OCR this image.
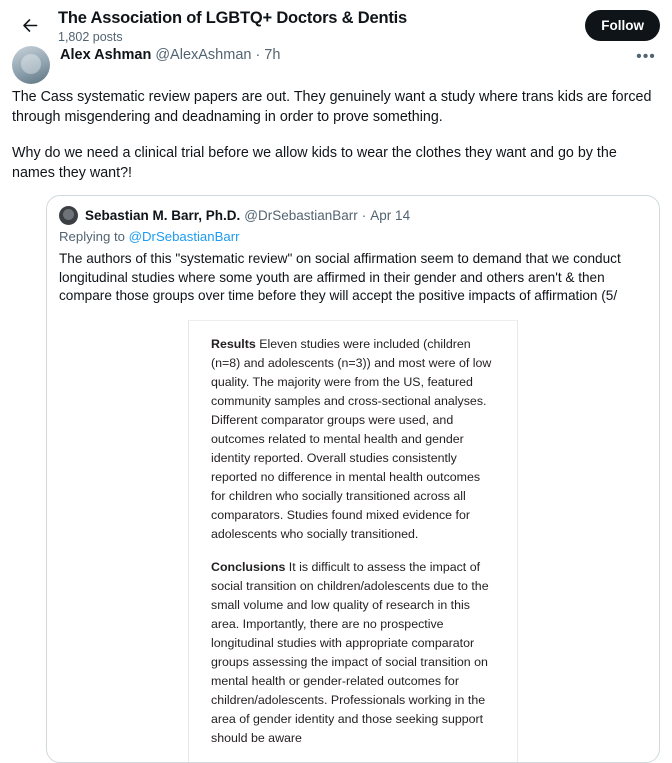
The Association of LGBTQ+ Doctors & Dentis
1,802 posts
Follow
Alex Ashman @AlexAshman · 7h	•••

The Cass systematic review papers are out. They genuinely want a study where trans kids are forced through misgendering and deadnaming in order to prove something.

Why do we need a clinical trial before we allow kids to wear the clothes they want and go by the names they want?!

Sebastian M. Barr, Ph.D. @DrSebastianBarr · Apr 14
Replying to @DrSebastianBarr
The authors of this "systematic review" on social affirmation seem to demand that we conduct longitudinal studies where some youth are affirmed in their gender and others aren't & then compare those groups over time before they will accept the positive impacts of affirmation (5/

Results Eleven studies were included (children (n=8) and adolescents (n=3)) and most were of low quality. The majority were from the US, featured community samples and cross-sectional analyses. Different comparator groups were used, and outcomes related to mental health and gender identity reported. Overall studies consistently reported no difference in mental health outcomes for children who socially transitioned across all comparators. Studies found mixed evidence for adolescents who socially transitioned.

Conclusions It is difficult to assess the impact of social transition on children/adolescents due to the small volume and low quality of research in this area. Importantly, there are no prospective longitudinal studies with appropriate comparator groups assessing the impact of social transition on mental health or gender-related outcomes for children/adolescents. Professionals working in the area of gender identity and those seeking support should be aware
